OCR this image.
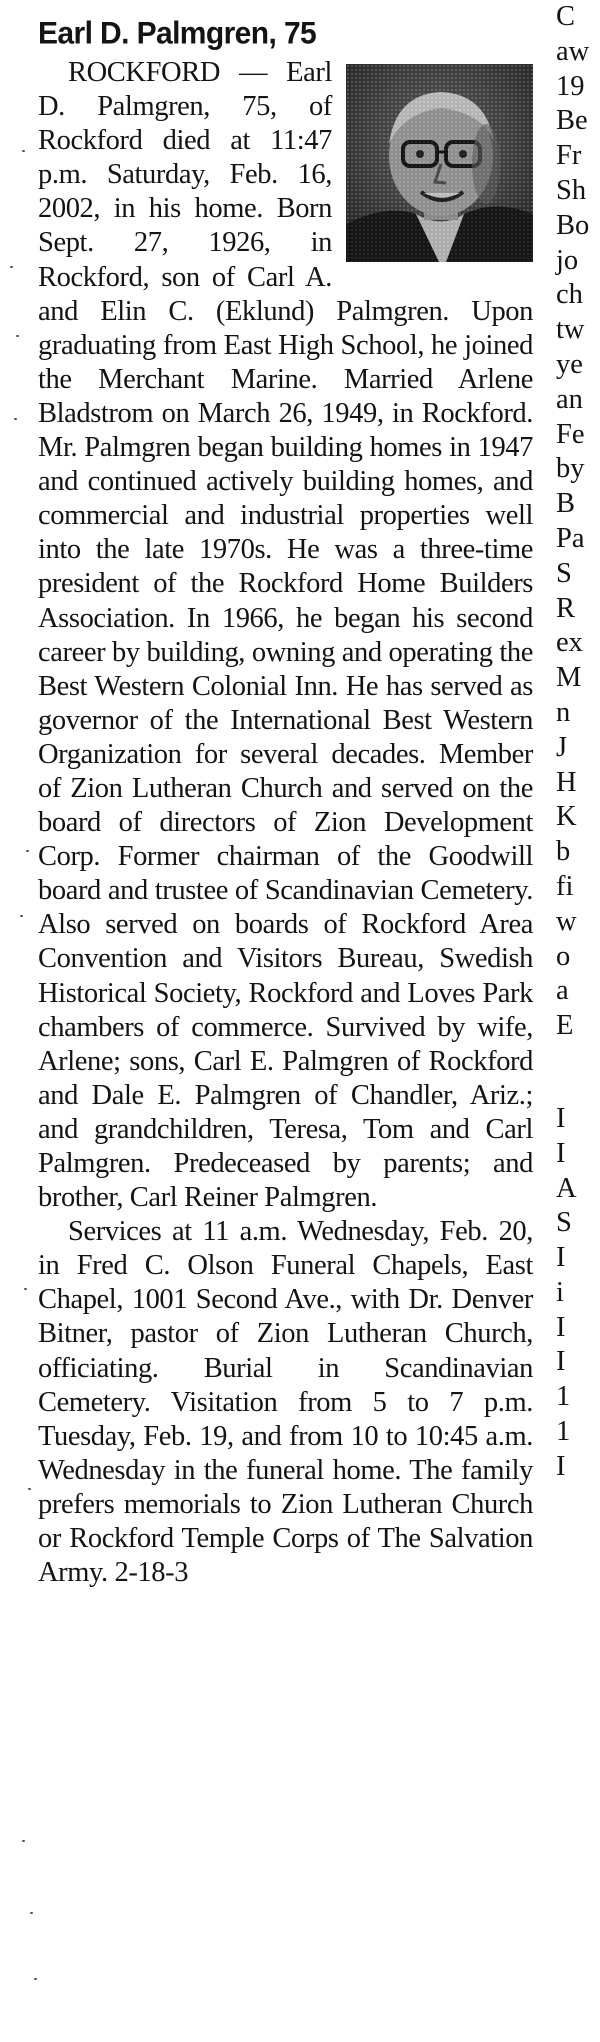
Earl D. Palmgren, 75

ROCKFORD — Earl D. Palmgren, 75, of Rockford died at 11:47 p.m. Saturday, Feb. 16, 2002, in his home. Born Sept. 27, 1926, in Rockford, son of Carl A. and Elin C. (Eklund) Palmgren. Upon graduating from East High School, he joined the Merchant Marine. Married Arlene Bladstrom on March 26, 1949, in Rockford. Mr. Palmgren began building homes in 1947 and continued actively building homes, and commercial and industrial properties well into the late 1970s. He was a three-time president of the Rockford Home Builders Association. In 1966, he began his second career by building, owning and operating the Best Western Colonial Inn. He has served as governor of the International Best Western Organization for several decades. Member of Zion Lutheran Church and served on the board of directors of Zion Development Corp. Former chairman of the Goodwill board and trustee of Scandinavian Cemetery. Also served on boards of Rockford Area Convention and Visitors Bureau, Swedish Historical Society, Rockford and Loves Park chambers of commerce. Survived by wife, Arlene; sons, Carl E. Palmgren of Rockford and Dale E. Palmgren of Chandler, Ariz.; and grandchildren, Teresa, Tom and Carl Palmgren. Predeceased by parents; and brother, Carl Reiner Palmgren.

Services at 11 a.m. Wednesday, Feb. 20, in Fred C. Olson Funeral Chapels, East Chapel, 1001 Second Ave., with Dr. Denver Bitner, pastor of Zion Lutheran Church, officiating. Burial in Scandinavian Cemetery. Visitation from 5 to 7 p.m. Tuesday, Feb. 19, and from 10 to 10:45 a.m. Wednesday in the funeral home. The family prefers memorials to Zion Lutheran Church or Rockford Temple Corps of The Salvation Army. 2-18-3

C
aw
19
Be
Fr
Sh
Bo
jo
ch
tw
ye
an
Fe
by
B
Pa
S
R
ex
M
n
J
H
K
b
fi
w
o
a
E
I
I
A
S
I
i
I
I
1
1
I
